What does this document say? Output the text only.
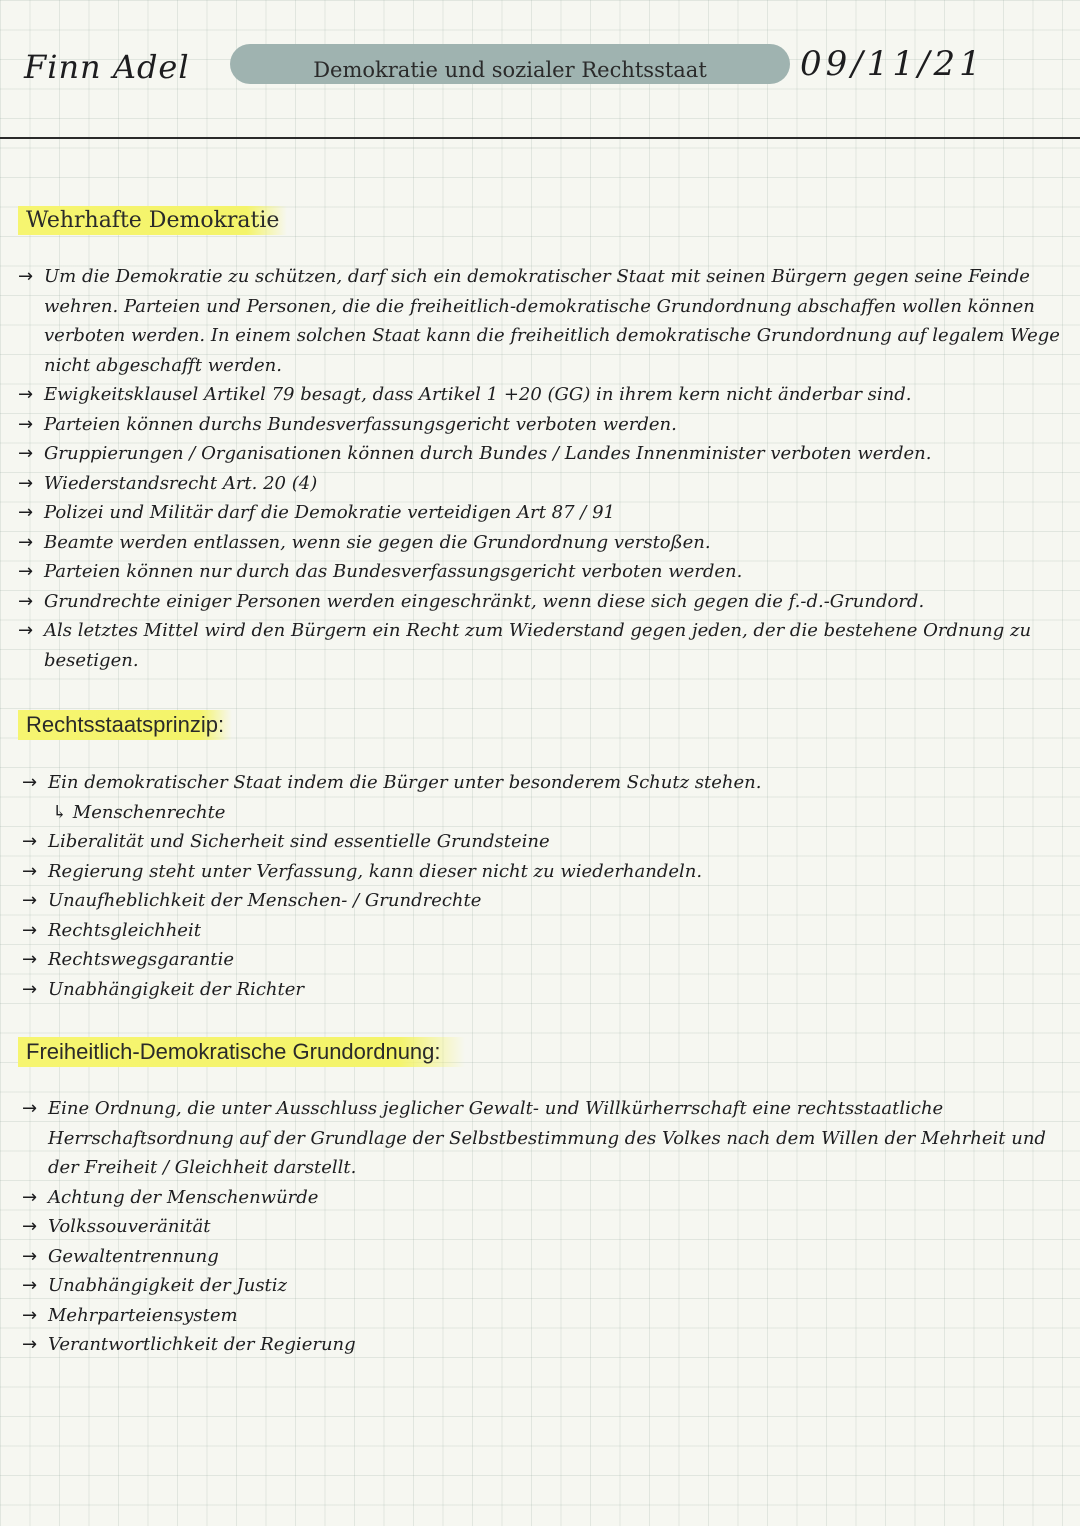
Finn Adel	Demokratie und sozialer Rechtsstaat	09/11/21
Wehrhafte Demokratie
→ Um die Demokratie zu schützen, darf sich ein demokratischer Staat mit seinen Bürgern gegen seine Feinde wehren. Parteien und Personen, die die freiheitlich-demokratische Grundordnung abschaffen wollen können verboten werden. In einem solchen Staat kann die freiheitlich demokratische Grundordnung auf legalem Wege nicht abgeschafft werden.
→ Ewigkeitsklausel Artikel 79 besagt, dass Artikel 1 +20 (GG) in ihrem kern nicht änderbar sind.
→ Parteien können durchs Bundesverfassungsgericht verboten werden.
→ Gruppierungen / Organisationen können durch Bundes / Landes Innenminister verboten werden.
→ Wiederstandsrecht Art. 20 (4)
→ Polizei und Militär darf die Demokratie verteidigen Art 87 / 91
→ Beamte werden entlassen, wenn sie gegen die Grundordnung verstoßen.
→ Parteien können nur durch das Bundesverfassungsgericht verboten werden.
→ Grundrechte einiger Personen werden eingeschränkt, wenn diese sich gegen die f.-d.-Grundord.
→ Als letztes Mittel wird den Bürgern ein Recht zum Wiederstand gegen jeden, der die bestehene Ordnung zu besetigen.
Rechtsstaatsprinzip:
→ Ein demokratischer Staat indem die Bürger unter besonderem Schutz stehen.
↳ Menschenrechte
→ Liberalität und Sicherheit sind essentielle Grundsteine
→ Regierung steht unter Verfassung, kann dieser nicht zu wiederhandeln.
→ Unaufheblichkeit der Menschen- / Grundrechte
→ Rechtsgleichheit
→ Rechtswegsgarantie
→ Unabhängigkeit der Richter
Freiheitlich-Demokratische Grundordnung:
→ Eine Ordnung, die unter Ausschluss jeglicher Gewalt- und Willkürherrschaft eine rechtsstaatliche Herrschaftsordnung auf der Grundlage der Selbstbestimmung des Volkes nach dem Willen der Mehrheit und der Freiheit / Gleichheit darstellt.
→ Achtung der Menschenwürde
→ Volkssouveränität
→ Gewaltentrennung
→ Unabhängigkeit der Justiz
→ Mehrparteiensystem
→ Verantwortlichkeit der Regierung
